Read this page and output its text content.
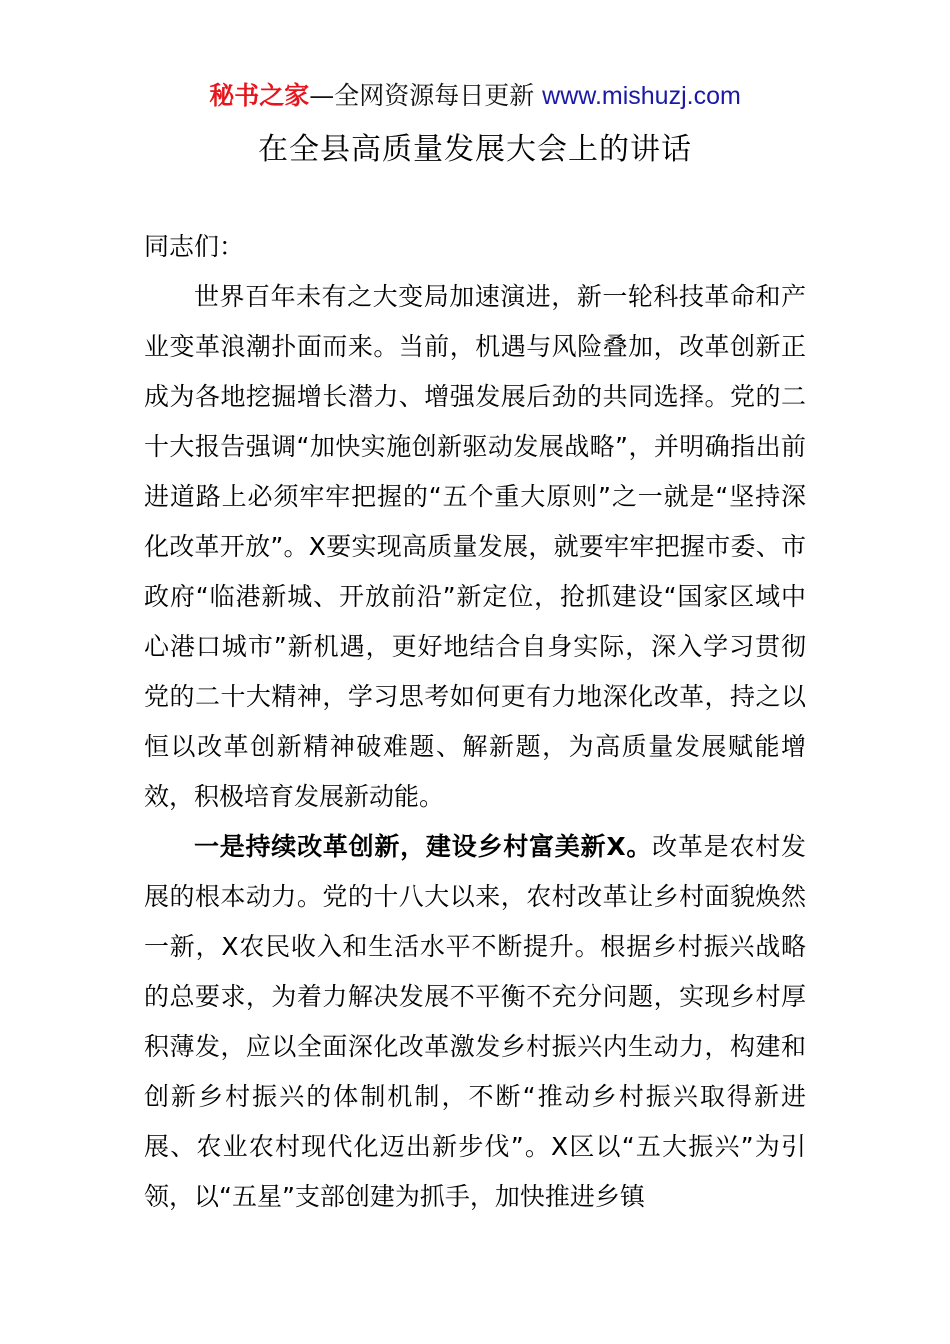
秘书之家—全网资源每日更新 www.mishuzj.com
在全县高质量发展大会上的讲话

同志们：

世界百年未有之大变局加速演进，新一轮科技革命和产业变革浪潮扑面而来。当前，机遇与风险叠加，改革创新正成为各地挖掘增长潜力、增强发展后劲的共同选择。党的二十大报告强调“加快实施创新驱动发展战略”，并明确指出前进道路上必须牢牢把握的“五个重大原则”之一就是“坚持深化改革开放”。X要实现高质量发展，就要牢牢把握市委、市政府“临港新城、开放前沿”新定位，抢抓建设“国家区域中心港口城市”新机遇，更好地结合自身实际，深入学习贯彻党的二十大精神，学习思考如何更有力地深化改革，持之以恒以改革创新精神破难题、解新题，为高质量发展赋能增效，积极培育发展新动能。

一是持续改革创新，建设乡村富美新X。改革是农村发展的根本动力。党的十八大以来，农村改革让乡村面貌焕然一新，X农民收入和生活水平不断提升。根据乡村振兴战略的总要求，为着力解决发展不平衡不充分问题，实现乡村厚积薄发，应以全面深化改革激发乡村振兴内生动力，构建和创新乡村振兴的体制机制，不断“推动乡村振兴取得新进展、农业农村现代化迈出新步伐”。X区以“五大振兴”为引领，以“五星”支部创建为抓手，加快推进乡镇
